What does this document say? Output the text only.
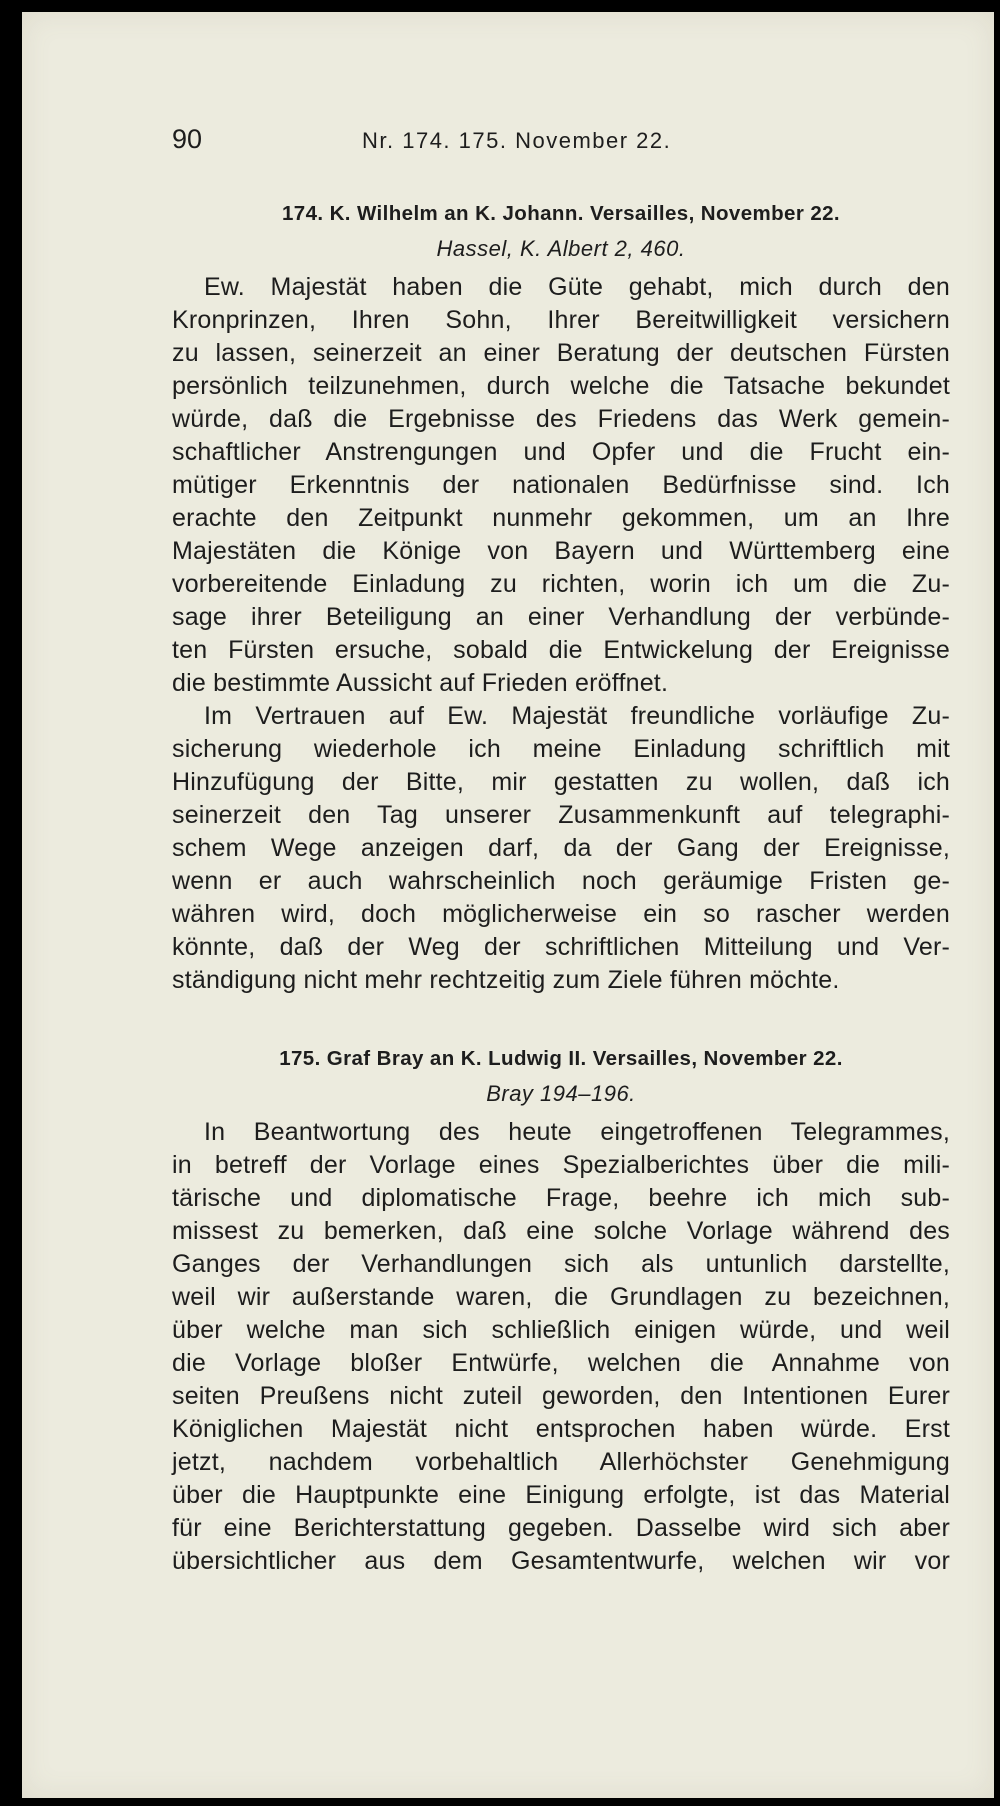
90	Nr. 174. 175. November 22.

174. K. Wilhelm an K. Johann. Versailles, November 22.

Hassel, K. Albert 2, 460.

Ew. Majestät haben die Güte gehabt, mich durch den
Kronprinzen, Ihren Sohn, Ihrer Bereitwilligkeit versichern
zu lassen, seinerzeit an einer Beratung der deutschen Fürsten
persönlich teilzunehmen, durch welche die Tatsache bekundet
würde, daß die Ergebnisse des Friedens das Werk gemein-
schaftlicher Anstrengungen und Opfer und die Frucht ein-
mütiger Erkenntnis der nationalen Bedürfnisse sind. Ich
erachte den Zeitpunkt nunmehr gekommen, um an Ihre
Majestäten die Könige von Bayern und Württemberg eine
vorbereitende Einladung zu richten, worin ich um die Zu-
sage ihrer Beteiligung an einer Verhandlung der verbünde-
ten Fürsten ersuche, sobald die Entwickelung der Ereignisse
die bestimmte Aussicht auf Frieden eröffnet.
Im Vertrauen auf Ew. Majestät freundliche vorläufige Zu-
sicherung wiederhole ich meine Einladung schriftlich mit
Hinzufügung der Bitte, mir gestatten zu wollen, daß ich
seinerzeit den Tag unserer Zusammenkunft auf telegraphi-
schem Wege anzeigen darf, da der Gang der Ereignisse,
wenn er auch wahrscheinlich noch geräumige Fristen ge-
währen wird, doch möglicherweise ein so rascher werden
könnte, daß der Weg der schriftlichen Mitteilung und Ver-
ständigung nicht mehr rechtzeitig zum Ziele führen möchte.

175. Graf Bray an K. Ludwig II. Versailles, November 22.

Bray 194–196.

In Beantwortung des heute eingetroffenen Telegrammes,
in betreff der Vorlage eines Spezialberichtes über die mili-
tärische und diplomatische Frage, beehre ich mich sub-
missest zu bemerken, daß eine solche Vorlage während des
Ganges der Verhandlungen sich als untunlich darstellte,
weil wir außerstande waren, die Grundlagen zu bezeichnen,
über welche man sich schließlich einigen würde, und weil
die Vorlage bloßer Entwürfe, welchen die Annahme von
seiten Preußens nicht zuteil geworden, den Intentionen Eurer
Königlichen Majestät nicht entsprochen haben würde. Erst
jetzt, nachdem vorbehaltlich Allerhöchster Genehmigung
über die Hauptpunkte eine Einigung erfolgte, ist das Material
für eine Berichterstattung gegeben. Dasselbe wird sich aber
übersichtlicher aus dem Gesamtentwurfe, welchen wir vor
